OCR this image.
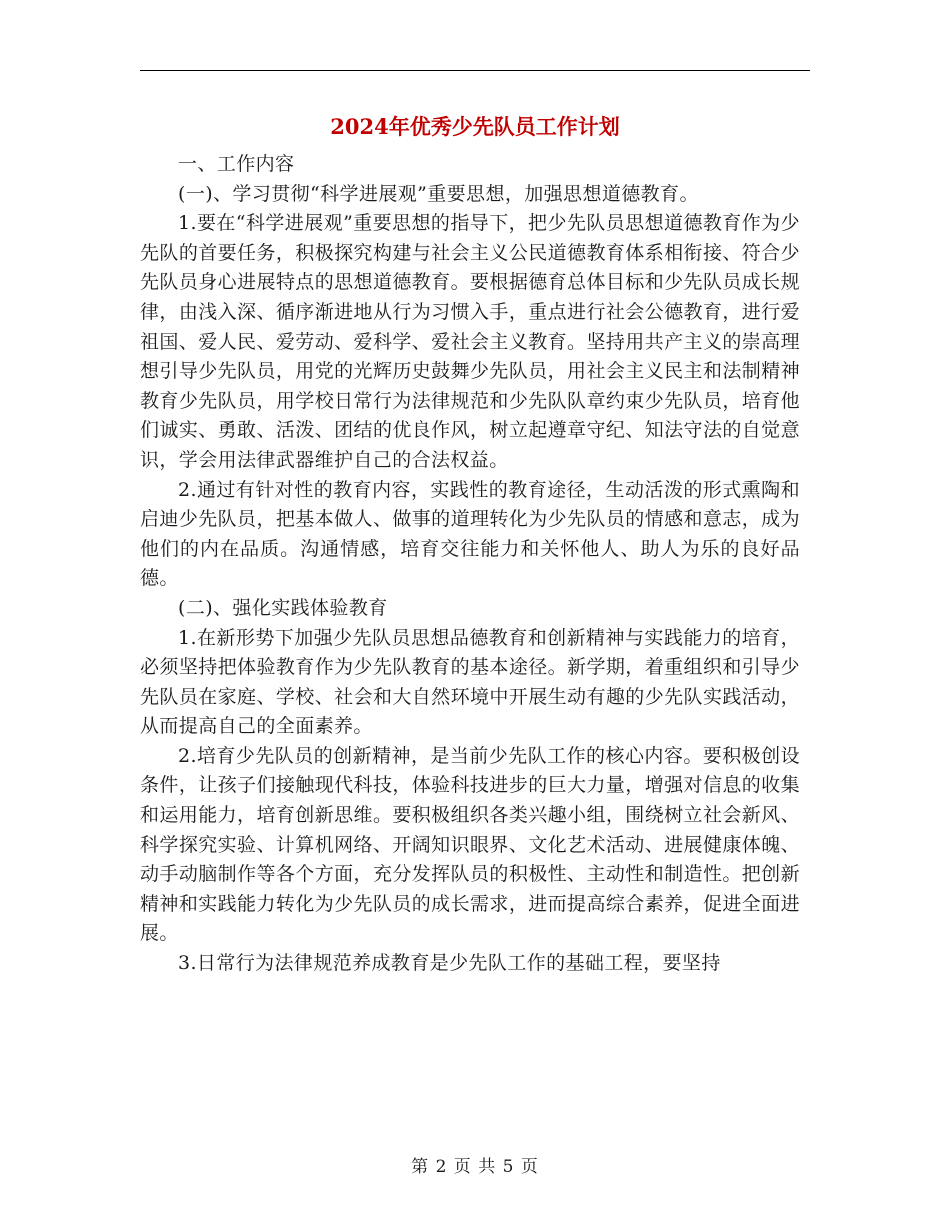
2024年优秀少先队员工作计划

一、工作内容

(一)、学习贯彻“科学进展观”重要思想，加强思想道德教育。

1.要在“科学进展观”重要思想的指导下，把少先队员思想道德教育作为少先队的首要任务，积极探究构建与社会主义公民道德教育体系相衔接、符合少先队员身心进展特点的思想道德教育。要根据德育总体目标和少先队员成长规律，由浅入深、循序渐进地从行为习惯入手，重点进行社会公德教育，进行爱祖国、爱人民、爱劳动、爱科学、爱社会主义教育。坚持用共产主义的崇高理想引导少先队员，用党的光辉历史鼓舞少先队员，用社会主义民主和法制精神教育少先队员，用学校日常行为法律规范和少先队队章约束少先队员，培育他们诚实、勇敢、活泼、团结的优良作风，树立起遵章守纪、知法守法的自觉意识，学会用法律武器维护自己的合法权益。

2.通过有针对性的教育内容，实践性的教育途径，生动活泼的形式熏陶和启迪少先队员，把基本做人、做事的道理转化为少先队员的情感和意志，成为他们的内在品质。沟通情感，培育交往能力和关怀他人、助人为乐的良好品德。

(二)、强化实践体验教育

1.在新形势下加强少先队员思想品德教育和创新精神与实践能力的培育，必须坚持把体验教育作为少先队教育的基本途径。新学期，着重组织和引导少先队员在家庭、学校、社会和大自然环境中开展生动有趣的少先队实践活动，从而提高自己的全面素养。

2.培育少先队员的创新精神，是当前少先队工作的核心内容。要积极创设条件，让孩子们接触现代科技，体验科技进步的巨大力量，增强对信息的收集和运用能力，培育创新思维。要积极组织各类兴趣小组，围绕树立社会新风、科学探究实验、计算机网络、开阔知识眼界、文化艺术活动、进展健康体魄、动手动脑制作等各个方面，充分发挥队员的积极性、主动性和制造性。把创新精神和实践能力转化为少先队员的成长需求，进而提高综合素养，促进全面进展。

3.日常行为法律规范养成教育是少先队工作的基础工程，要坚持

第 2 页 共 5 页
